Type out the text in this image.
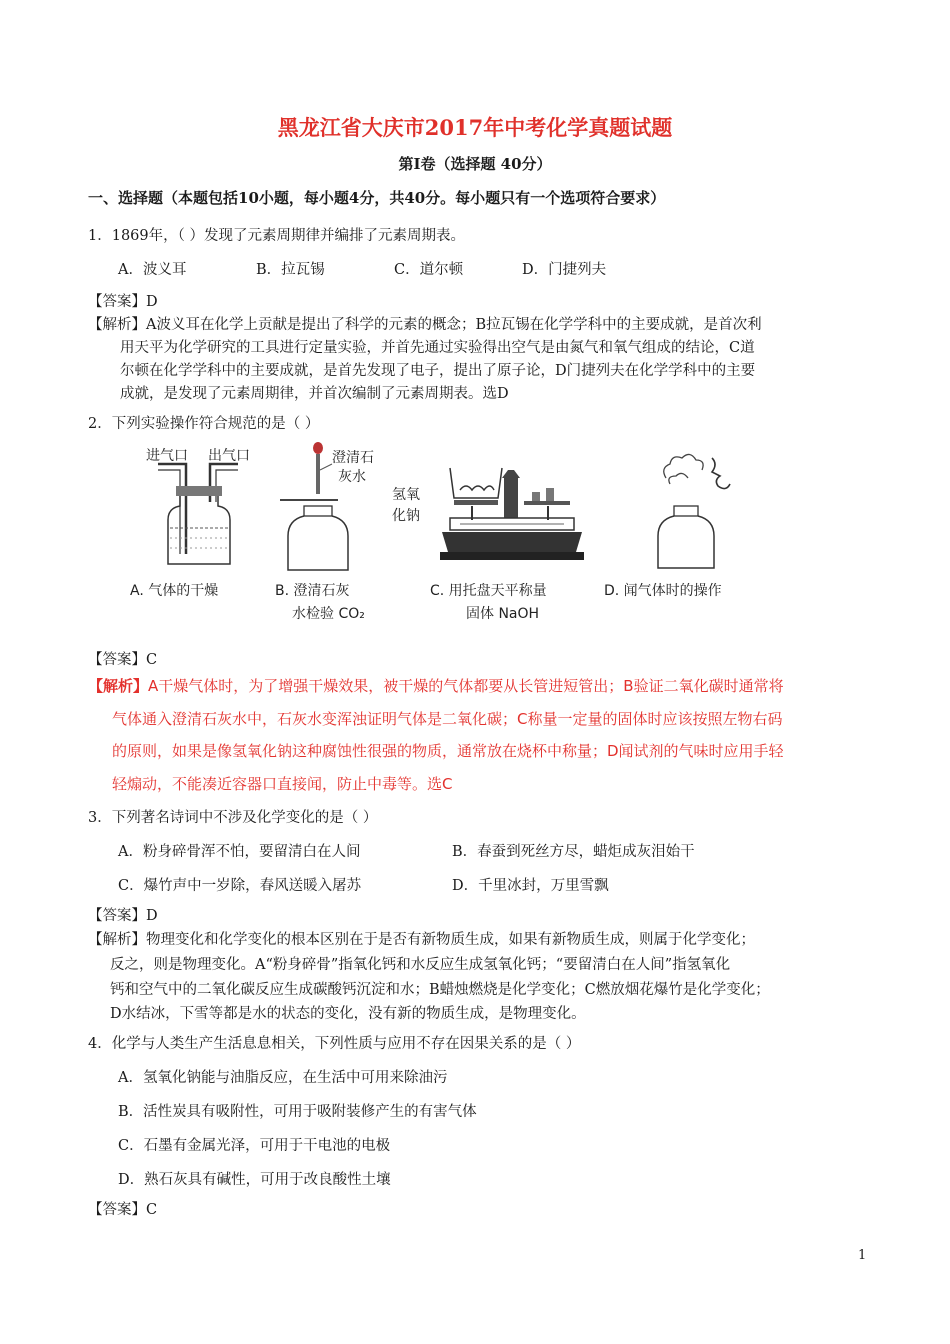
黑龙江省大庆市2017年中考化学真题试题
第Ⅰ卷（选择题 40分）
一、选择题（本题包括10小题，每小题4分，共40分。每小题只有一个选项符合要求）
1．1869年，（ ）发现了元素周期律并编排了元素周期表。
A．波义耳	B．拉瓦锡	C．道尔顿	D．门捷列夫
【答案】D
【解析】A波义耳在化学上贡献是提出了科学的元素的概念；B拉瓦锡在化学学科中的主要成就，是首次利
用天平为化学研究的工具进行定量实验，并首先通过实验得出空气是由氮气和氧气组成的结论，C道
尔顿在化学学科中的主要成就，是首先发现了电子，提出了原子论，D门捷列夫在化学学科中的主要
成就，是发现了元素周期律，并首次编制了元素周期表。选D
2．下列实验操作符合规范的是（ ）
进气口 出气口
A. 气体的干燥
澄清石
灰水
B. 澄清石灰
水检验 CO₂
氢氧
化钠
C. 用托盘天平称量
固体 NaOH
D. 闻气体时的操作
【答案】C
【解析】A干燥气体时，为了增强干燥效果，被干燥的气体都要从长管进短管出；B验证二氧化碳时通常将
气体通入澄清石灰水中，石灰水变浑浊证明气体是二氧化碳；C称量一定量的固体时应该按照左物右码
的原则，如果是像氢氧化钠这种腐蚀性很强的物质，通常放在烧杯中称量；D闻试剂的气味时应用手轻
轻煽动，不能凑近容器口直接闻，防止中毒等。选C
3．下列著名诗词中不涉及化学变化的是（ ）
A．粉身碎骨浑不怕，要留清白在人间	B．春蚕到死丝方尽，蜡炬成灰泪始干
C．爆竹声中一岁除，春风送暖入屠苏	D．千里冰封，万里雪飘
【答案】D
【解析】物理变化和化学变化的根本区别在于是否有新物质生成，如果有新物质生成，则属于化学变化；
反之，则是物理变化。A“粉身碎骨”指氧化钙和水反应生成氢氧化钙；“要留清白在人间”指氢氧化
钙和空气中的二氧化碳反应生成碳酸钙沉淀和水；B蜡烛燃烧是化学变化；C燃放烟花爆竹是化学变化；
D水结冰，下雪等都是水的状态的变化，没有新的物质生成，是物理变化。
4．化学与人类生产生活息息相关，下列性质与应用不存在因果关系的是（ ）
A．氢氧化钠能与油脂反应，在生活中可用来除油污
B．活性炭具有吸附性，可用于吸附装修产生的有害气体
C．石墨有金属光泽，可用于干电池的电极
D．熟石灰具有碱性，可用于改良酸性土壤
【答案】C
1
